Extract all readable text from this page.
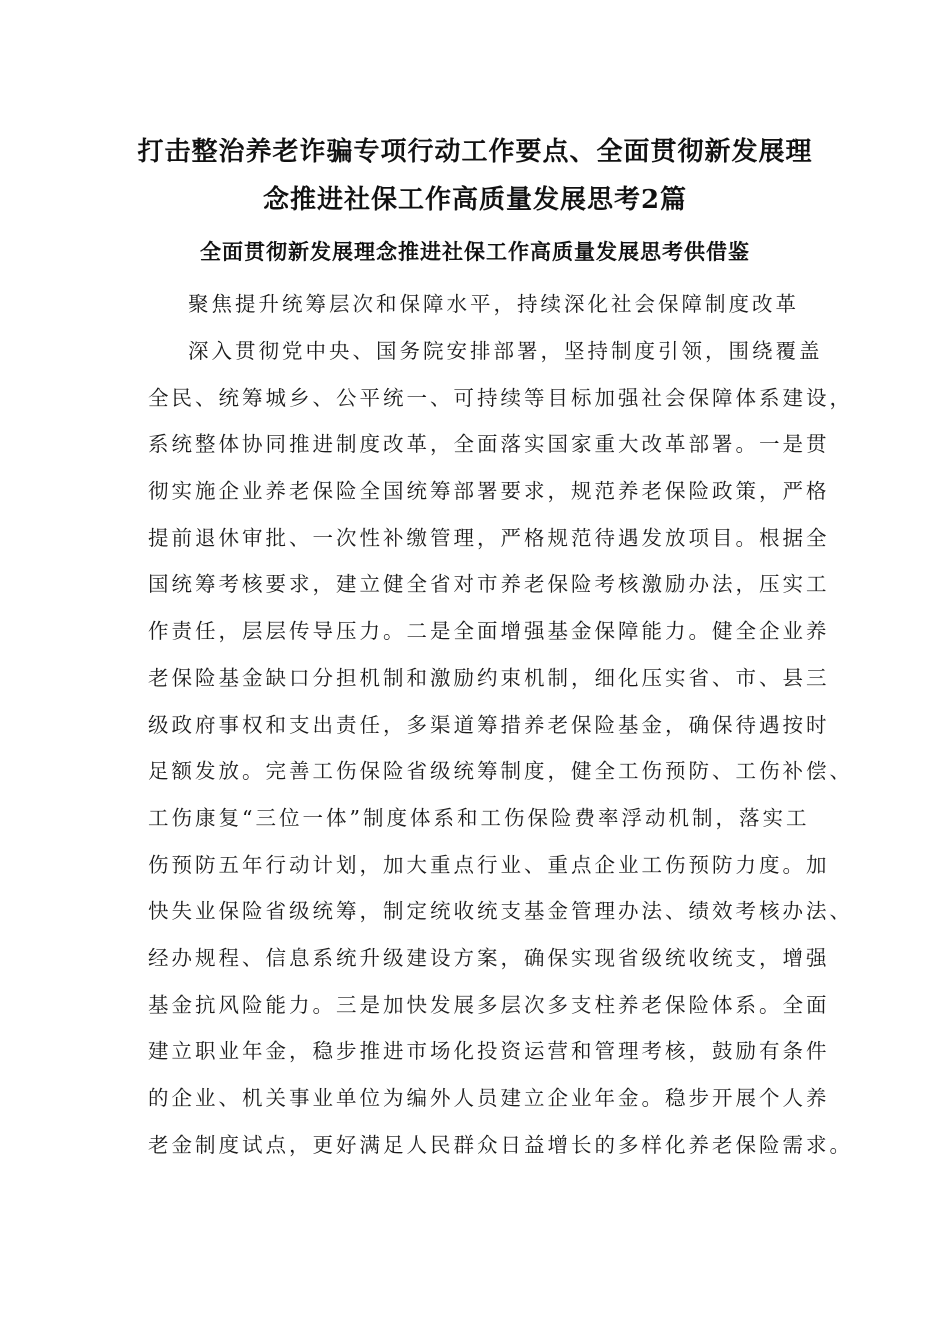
打击整治养老诈骗专项行动工作要点、全面贯彻新发展理
念推进社保工作高质量发展思考2篇
全面贯彻新发展理念推进社保工作高质量发展思考供借鉴
聚焦提升统筹层次和保障水平，持续深化社会保障制度改革
深入贯彻党中央、国务院安排部署，坚持制度引领，围绕覆盖
全民、统筹城乡、公平统一、可持续等目标加强社会保障体系建设，
系统整体协同推进制度改革，全面落实国家重大改革部署。一是贯
彻实施企业养老保险全国统筹部署要求，规范养老保险政策，严格
提前退休审批、一次性补缴管理，严格规范待遇发放项目。根据全
国统筹考核要求，建立健全省对市养老保险考核激励办法，压实工
作责任，层层传导压力。二是全面增强基金保障能力。健全企业养
老保险基金缺口分担机制和激励约束机制，细化压实省、市、县三
级政府事权和支出责任，多渠道筹措养老保险基金，确保待遇按时
足额发放。完善工伤保险省级统筹制度，健全工伤预防、工伤补偿、
工伤康复“三位一体”制度体系和工伤保险费率浮动机制，落实工
伤预防五年行动计划，加大重点行业、重点企业工伤预防力度。加
快失业保险省级统筹，制定统收统支基金管理办法、绩效考核办法、
经办规程、信息系统升级建设方案，确保实现省级统收统支，增强
基金抗风险能力。三是加快发展多层次多支柱养老保险体系。全面
建立职业年金，稳步推进市场化投资运营和管理考核，鼓励有条件
的企业、机关事业单位为编外人员建立企业年金。稳步开展个人养
老金制度试点，更好满足人民群众日益增长的多样化养老保险需求。
